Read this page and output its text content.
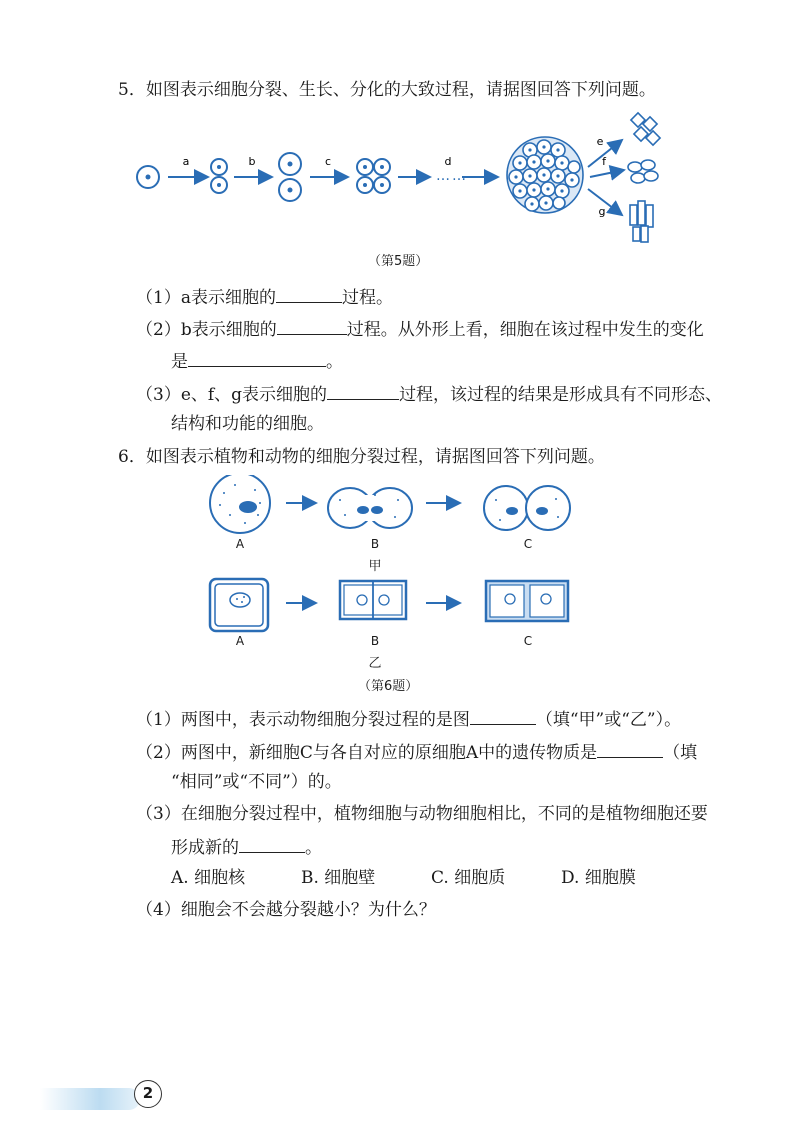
5．如图表示细胞分裂、生长、分化的大致过程，请据图回答下列问题。
a	b	c
……
d
e
f
g
（第5题）
（1）a表示细胞的	过程。
（2）b表示细胞的	过程。从外形上看，细胞在该过程中发生的变化
是	。
（3）e、f、g表示细胞的	过程，该过程的结果是形成具有不同形态、
结构和功能的细胞。
6．如图表示植物和动物的细胞分裂过程，请据图回答下列问题。
A	B	C
甲
A	B	C
乙
（第6题）
（1）两图中，表示动物细胞分裂过程的是图	（填“甲”或“乙”）。
（2）两图中，新细胞C与各自对应的原细胞A中的遗传物质是	（填
“相同”或“不同”）的。
（3）在细胞分裂过程中，植物细胞与动物细胞相比，不同的是植物细胞还要
形成新的	。
A. 细胞核	B. 细胞壁	C. 细胞质	D. 细胞膜
（4）细胞会不会越分裂越小？为什么？
2
